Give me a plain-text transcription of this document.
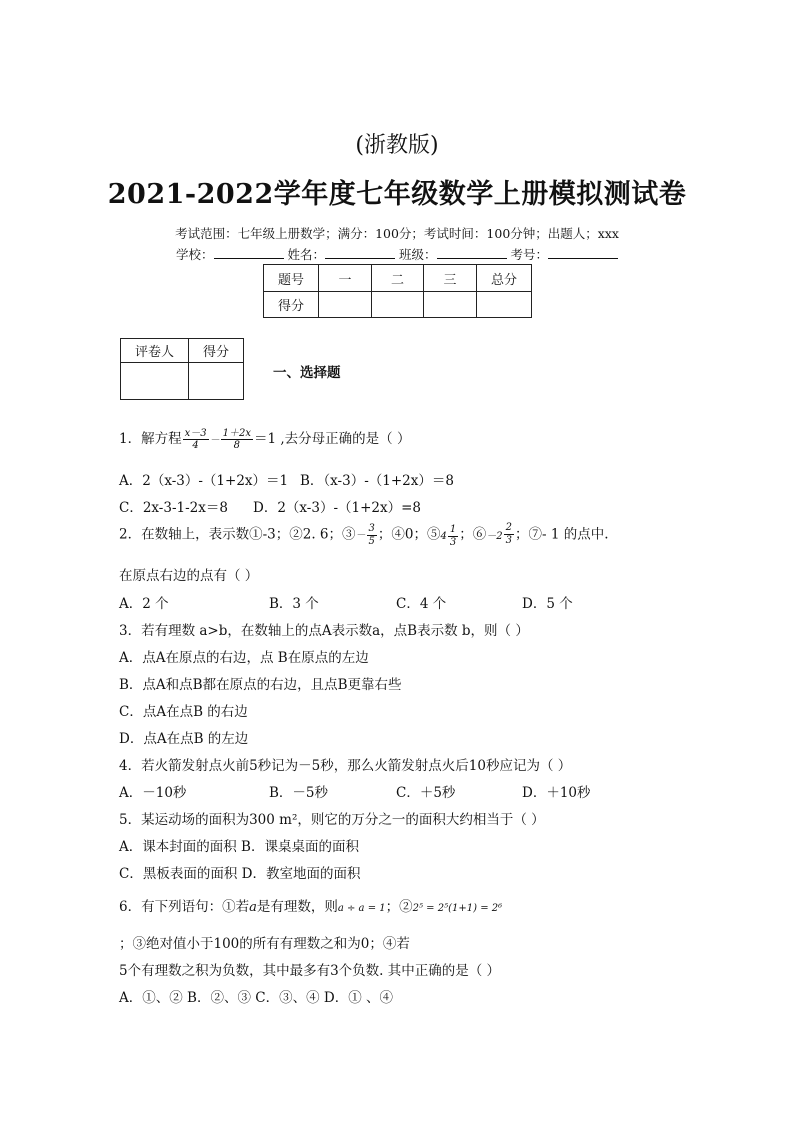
(浙教版)
2021-2022学年度七年级数学上册模拟测试卷
考试范围：七年级上册数学；满分：100分；考试时间：100分钟；出题人；xxx
学校：	姓名：	班级：	考号：
题号	一	二	三	总分
得分				
评卷人	得分

一、选择题
1．解方程 $\frac{x-3}{4} - \frac{1+2x}{8} =1$ ,去分母正确的是（ ）
A．2（x-3）-（1+2x）＝1 B．（x-3）-（1+2x）＝8
C．2x-3-1-2x＝8 D．2（x-3）-（1+2x）=8
2．在数轴上，表示数①-3；②2. 6；③－ $\frac{3}{5}$ ；④0；⑤ $4 \frac{1}{3}$ ；⑥ $-2 \frac{2}{3}$ ；⑦- 1 的点中.
在原点右边的点有（ ）
A．2 个	B．3 个	C．4 个	D．5 个
3．若有理数 a>b，在数轴上的点A表示数a，点B表示数 b，则（ ）
A．点A在原点的右边，点 B在原点的左边
B．点A和点B都在原点的右边，且点B更靠右些
C．点A在点B 的右边
D．点A在点B 的左边
4．若火箭发射点火前5秒记为－5秒，那么火箭发射点火后10秒应记为（ ）
A．－10秒	B．－5秒	C．＋5秒	D．＋10秒
5．某运动场的面积为300 m²，则它的万分之一的面积大约相当于（ ）
A．课本封面的面积 B．课桌桌面的面积
C．黑板表面的面积 D．教室地面的面积
6．有下列语句：①若a是有理数，则a ÷ a = 1；②2⁵ = 2⁵(1+1) = 2⁶
；③绝对值小于100的所有有理数之和为0；④若
5个有理数之积为负数，其中最多有3个负数. 其中正确的是（ ）
A．①、② B．②、③ C．③、④ D．① 、④
